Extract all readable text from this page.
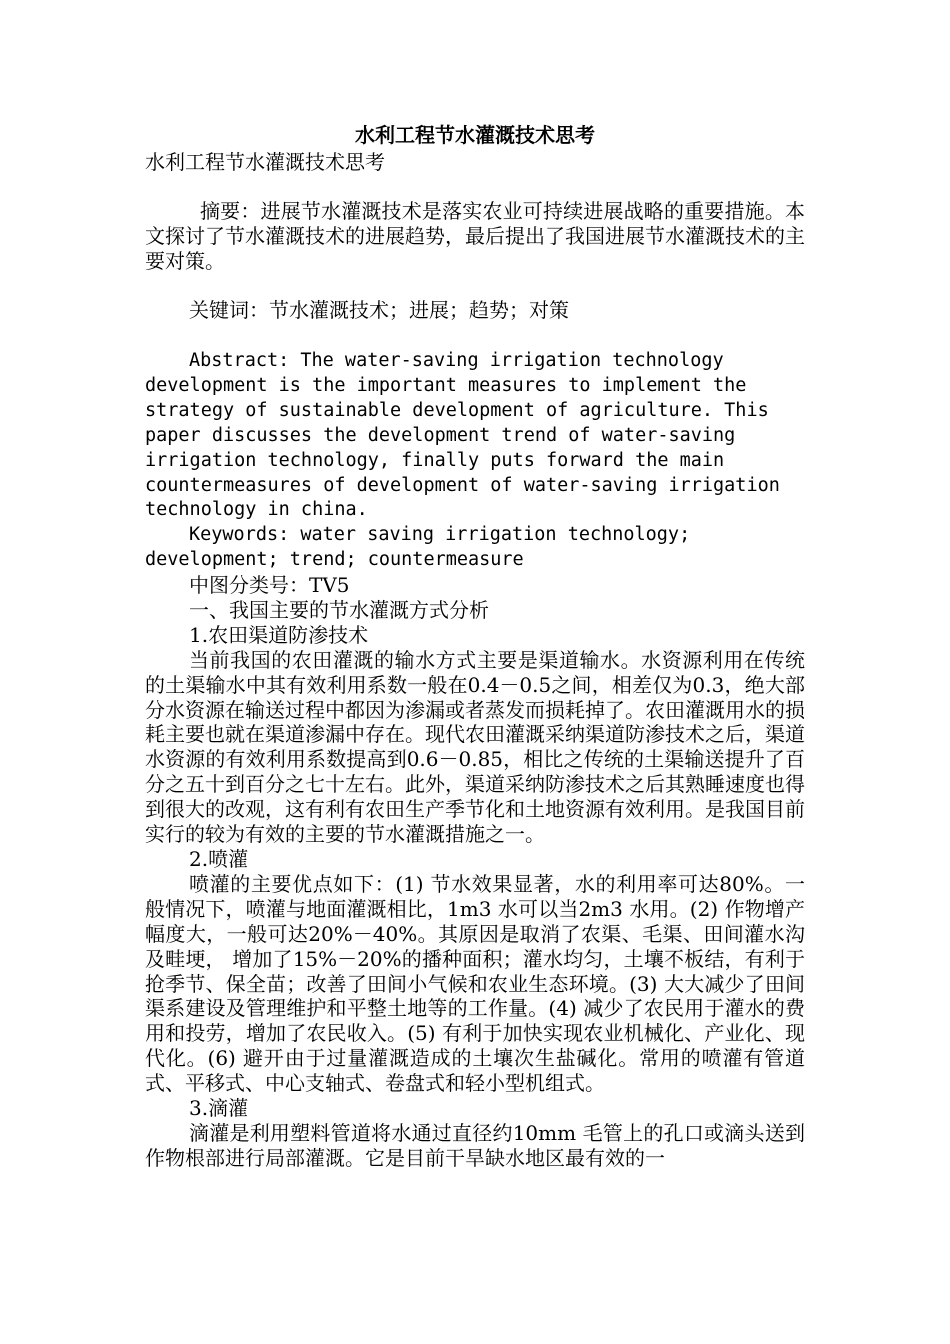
水利工程节水灌溉技术思考
水利工程节水灌溉技术思考

摘要：进展节水灌溉技术是落实农业可持续进展战略的重要措施。本文探讨了节水灌溉技术的进展趋势，最后提出了我国进展节水灌溉技术的主要对策。

关键词：节水灌溉技术；进展；趋势；对策

Abstract: The water-saving irrigation technology development is the important measures to implement the strategy of sustainable development of agriculture. This paper discusses the development trend of water-saving irrigation technology, finally puts forward the main countermeasures of development of water-saving irrigation technology in china.

Keywords: water saving irrigation technology; development; trend; countermeasure

中图分类号：TV5

一、我国主要的节水灌溉方式分析

1.农田渠道防渗技术

当前我国的农田灌溉的输水方式主要是渠道输水。水资源利用在传统的土渠输水中其有效利用系数一般在0.4－0.5之间，相差仅为0.3，绝大部分水资源在输送过程中都因为渗漏或者蒸发而损耗掉了。农田灌溉用水的损耗主要也就在渠道渗漏中存在。现代农田灌溉采纳渠道防渗技术之后，渠道水资源的有效利用系数提高到0.6－0.85，相比之传统的土渠输送提升了百分之五十到百分之七十左右。此外，渠道采纳防渗技术之后其熟睡速度也得到很大的改观，这有利有农田生产季节化和土地资源有效利用。是我国目前实行的较为有效的主要的节水灌溉措施之一。

2.喷灌

喷灌的主要优点如下：(1) 节水效果显著，水的利用率可达80%。一般情况下，喷灌与地面灌溉相比，1m3 水可以当2m3 水用。(2) 作物增产幅度大，一般可达20%－40%。其原因是取消了农渠、毛渠、田间灌水沟及畦埂， 增加了15%－20%的播种面积；灌水均匀，土壤不板结，有利于抢季节、保全苗；改善了田间小气候和农业生态环境。(3) 大大减少了田间渠系建设及管理维护和平整土地等的工作量。(4) 减少了农民用于灌水的费用和投劳，增加了农民收入。(5) 有利于加快实现农业机械化、产业化、现代化。(6) 避开由于过量灌溉造成的土壤次生盐碱化。常用的喷灌有管道式、平移式、中心支轴式、卷盘式和轻小型机组式。

3.滴灌

滴灌是利用塑料管道将水通过直径约10mm 毛管上的孔口或滴头送到作物根部进行局部灌溉。它是目前干旱缺水地区最有效的一
